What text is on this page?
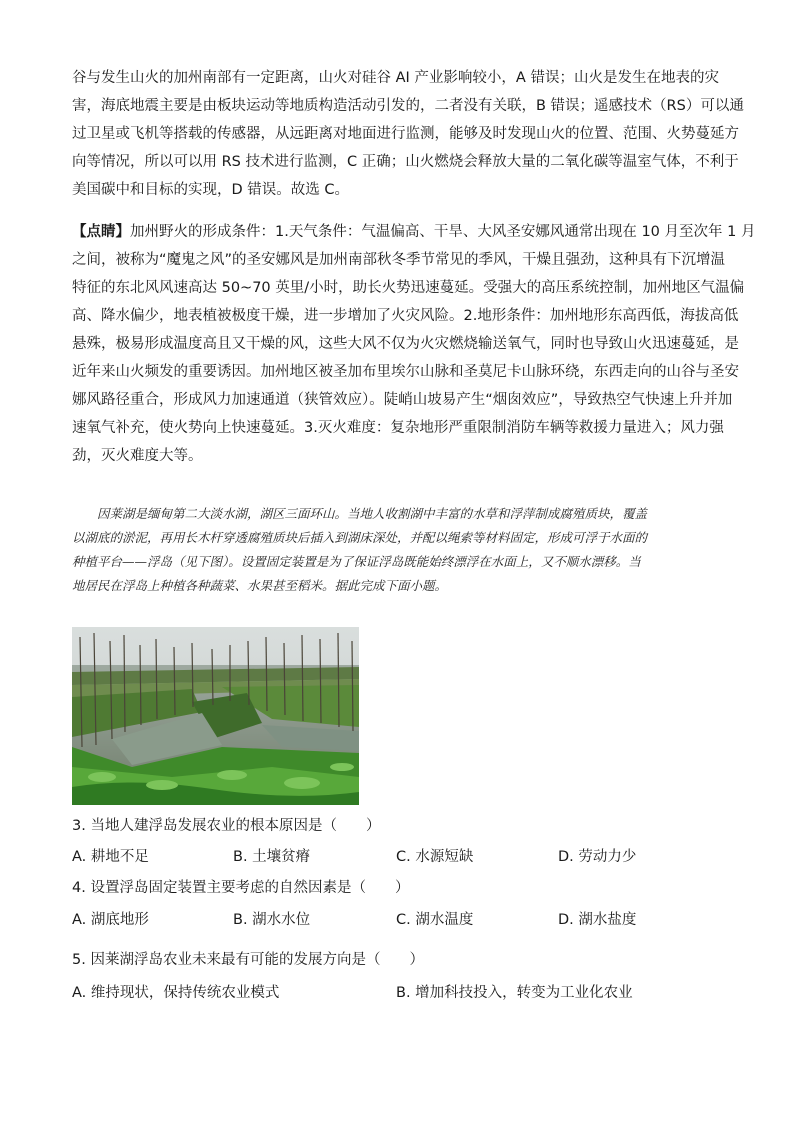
谷与发生山火的加州南部有一定距离，山火对硅谷 AI 产业影响较小，A 错误；山火是发生在地表的灾
害，海底地震主要是由板块运动等地质构造活动引发的，二者没有关联，B 错误；遥感技术（RS）可以通
过卫星或飞机等搭载的传感器，从远距离对地面进行监测，能够及时发现山火的位置、范围、火势蔓延方
向等情况，所以可以用 RS 技术进行监测，C 正确；山火燃烧会释放大量的二氧化碳等温室气体，不利于
美国碳中和目标的实现，D 错误。故选 C。
【点睛】加州野火的形成条件：1.天气条件：气温偏高、干旱、大风圣安娜风通常出现在 10 月至次年 1 月
之间，被称为“魔鬼之风”的圣安娜风是加州南部秋冬季节常见的季风，干燥且强劲，这种具有下沉增温
特征的东北风风速高达 50~70 英里/小时，助长火势迅速蔓延。受强大的高压系统控制，加州地区气温偏
高、降水偏少，地表植被极度干燥，进一步增加了火灾风险。2.地形条件：加州地形东高西低，海拔高低
悬殊，极易形成温度高且又干燥的风，这些大风不仅为火灾燃烧输送氧气，同时也导致山火迅速蔓延，是
近年来山火频发的重要诱因。加州地区被圣加布里埃尔山脉和圣莫尼卡山脉环绕，东西走向的山谷与圣安
娜风路径重合，形成风力加速通道（狭管效应）。陡峭山坡易产生“烟囱效应”，导致热空气快速上升并加
速氧气补充，使火势向上快速蔓延。3.灭火难度：复杂地形严重限制消防车辆等救援力量进入；风力强
劲，灭火难度大等。
　　因莱湖是缅甸第二大淡水湖，湖区三面环山。当地人收割湖中丰富的水草和浮萍制成腐殖质块，覆盖
以湖底的淤泥，再用长木杆穿透腐殖质块后插入到湖床深处，并配以绳索等材料固定，形成可浮于水面的
种植平台——浮岛（见下图）。设置固定装置是为了保证浮岛既能始终漂浮在水面上，又不顺水漂移。当
地居民在浮岛上种植各种蔬菜、水果甚至稻米。据此完成下面小题。
3. 当地人建浮岛发展农业的根本原因是（　　）
A. 耕地不足	B. 土壤贫瘠	C. 水源短缺	D. 劳动力少
4. 设置浮岛固定装置主要考虑的自然因素是（　　）
A. 湖底地形	B. 湖水水位	C. 湖水温度	D. 湖水盐度
5. 因莱湖浮岛农业未来最有可能的发展方向是（　　）
A. 维持现状，保持传统农业模式	B. 增加科技投入，转变为工业化农业
